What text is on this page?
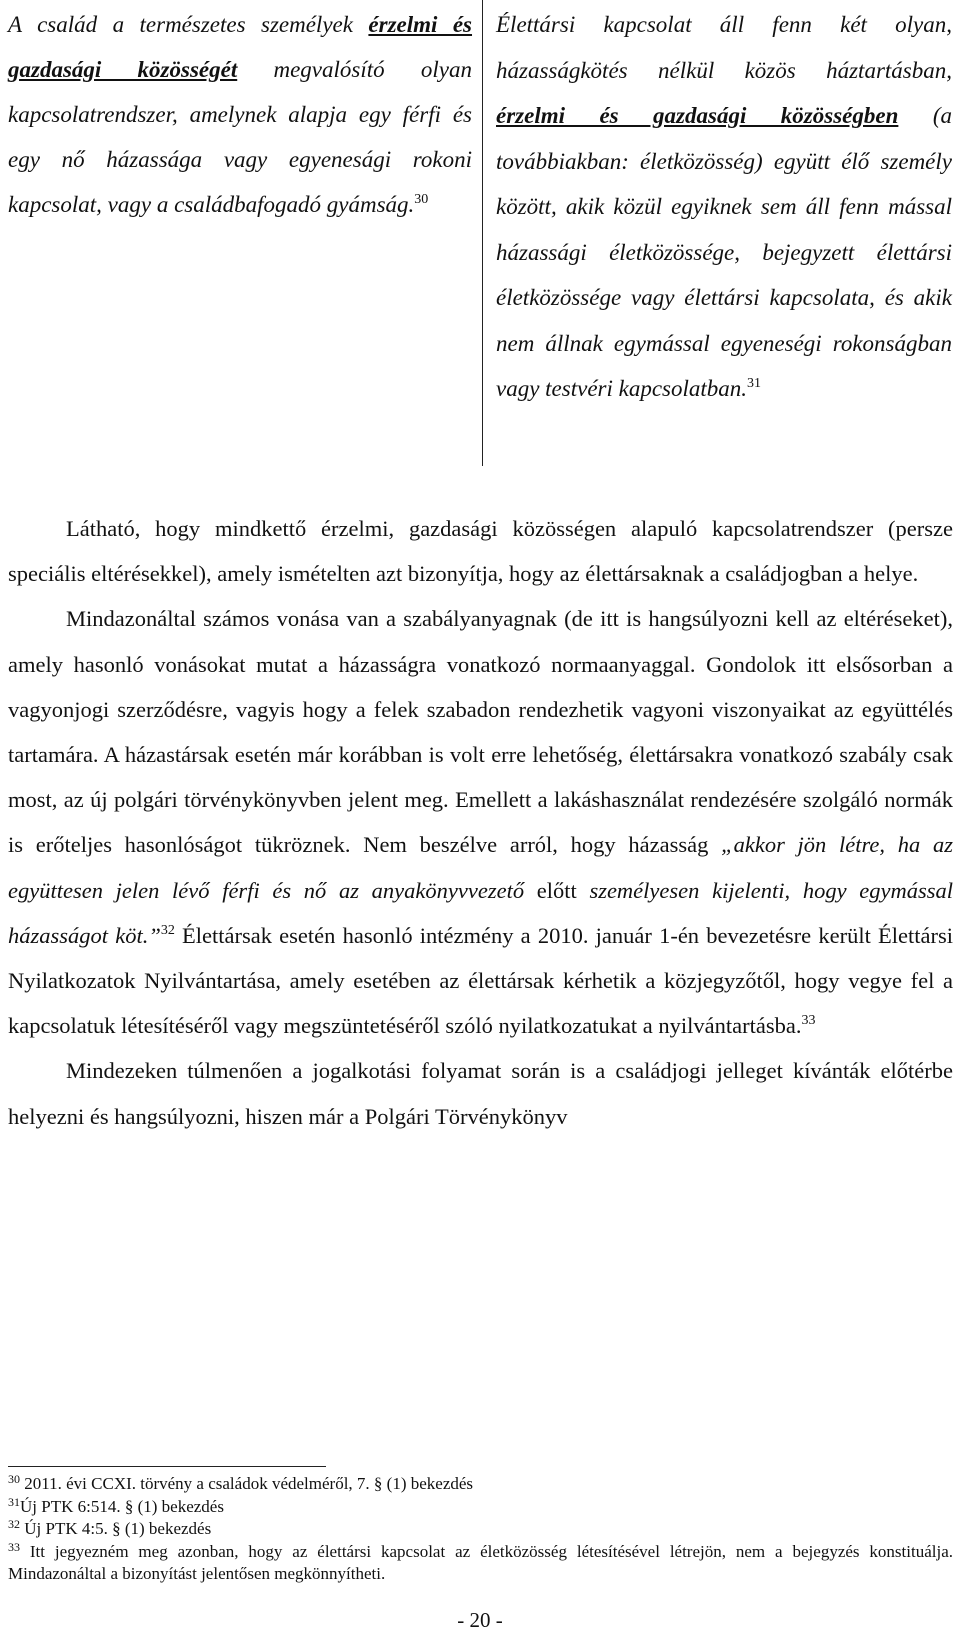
A család a természetes személyek érzelmi és gazdasági közösségét megvalósító olyan kapcsolatrendszer, amelynek alapja egy férfi és egy nő házassága vagy egyenesági rokoni kapcsolat, vagy a családbafogadó gyámság.$^{30}$
Élettársi kapcsolat áll fenn két olyan, házasságkötés nélkül közös háztartásban, érzelmi és gazdasági közösségben (a továbbiakban: életközösség) együtt élő személy között, akik közül egyiknek sem áll fenn mással házassági életközössége, bejegyzett élettársi életközössége vagy élettársi kapcsolata, és akik nem állnak egymással egyeneségi rokonságban vagy testvéri kapcsolatban.$^{31}$

Látható, hogy mindkettő érzelmi, gazdasági közösségen alapuló kapcsolatrendszer (persze speciális eltérésekkel), amely ismételten azt bizonyítja, hogy az élettársaknak a családjogban a helye.

Mindazonáltal számos vonása van a szabályanyagnak (de itt is hangsúlyozni kell az eltéréseket), amely hasonló vonásokat mutat a házasságra vonatkozó normaanyaggal. Gondolok itt elsősorban a vagyonjogi szerződésre, vagyis hogy a felek szabadon rendezhetik vagyoni viszonyaikat az együttélés tartamára. A házastársak esetén már korábban is volt erre lehetőség, élettársakra vonatkozó szabály csak most, az új polgári törvénykönyvben jelent meg. Emellett a lakáshasználat rendezésére szolgáló normák is erőteljes hasonlóságot tükröznek. Nem beszélve arról, hogy házasság „akkor jön létre, ha az együttesen jelen lévő férfi és nő az anyakönyvvezető előtt személyesen kijelenti, hogy egymással házasságot köt.”$^{32}$ Élettársak esetén hasonló intézmény a 2010. január 1-én bevezetésre került Élettársi Nyilatkozatok Nyilvántartása, amely esetében az élettársak kérhetik a közjegyzőtől, hogy vegye fel a kapcsolatuk létesítéséről vagy megszüntetéséről szóló nyilatkozatukat a nyilvántartásba.$^{33}$

Mindezeken túlmenően a jogalkotási folyamat során is a családjogi jelleget kívánták előtérbe helyezni és hangsúlyozni, hiszen már a Polgári Törvénykönyv

$^{30}$ 2011. évi CCXI. törvény a családok védelméről, 7. § (1) bekezdés

$^{31}$Új PTK 6:514. § (1) bekezdés

$^{32}$ Új PTK 4:5. § (1) bekezdés

$^{33}$ Itt jegyezném meg azonban, hogy az élettársi kapcsolat az életközösség létesítésével létrejön, nem a bejegyzés konstituálja. Mindazonáltal a bizonyítást jelentősen megkönnyítheti.

- 20 -
